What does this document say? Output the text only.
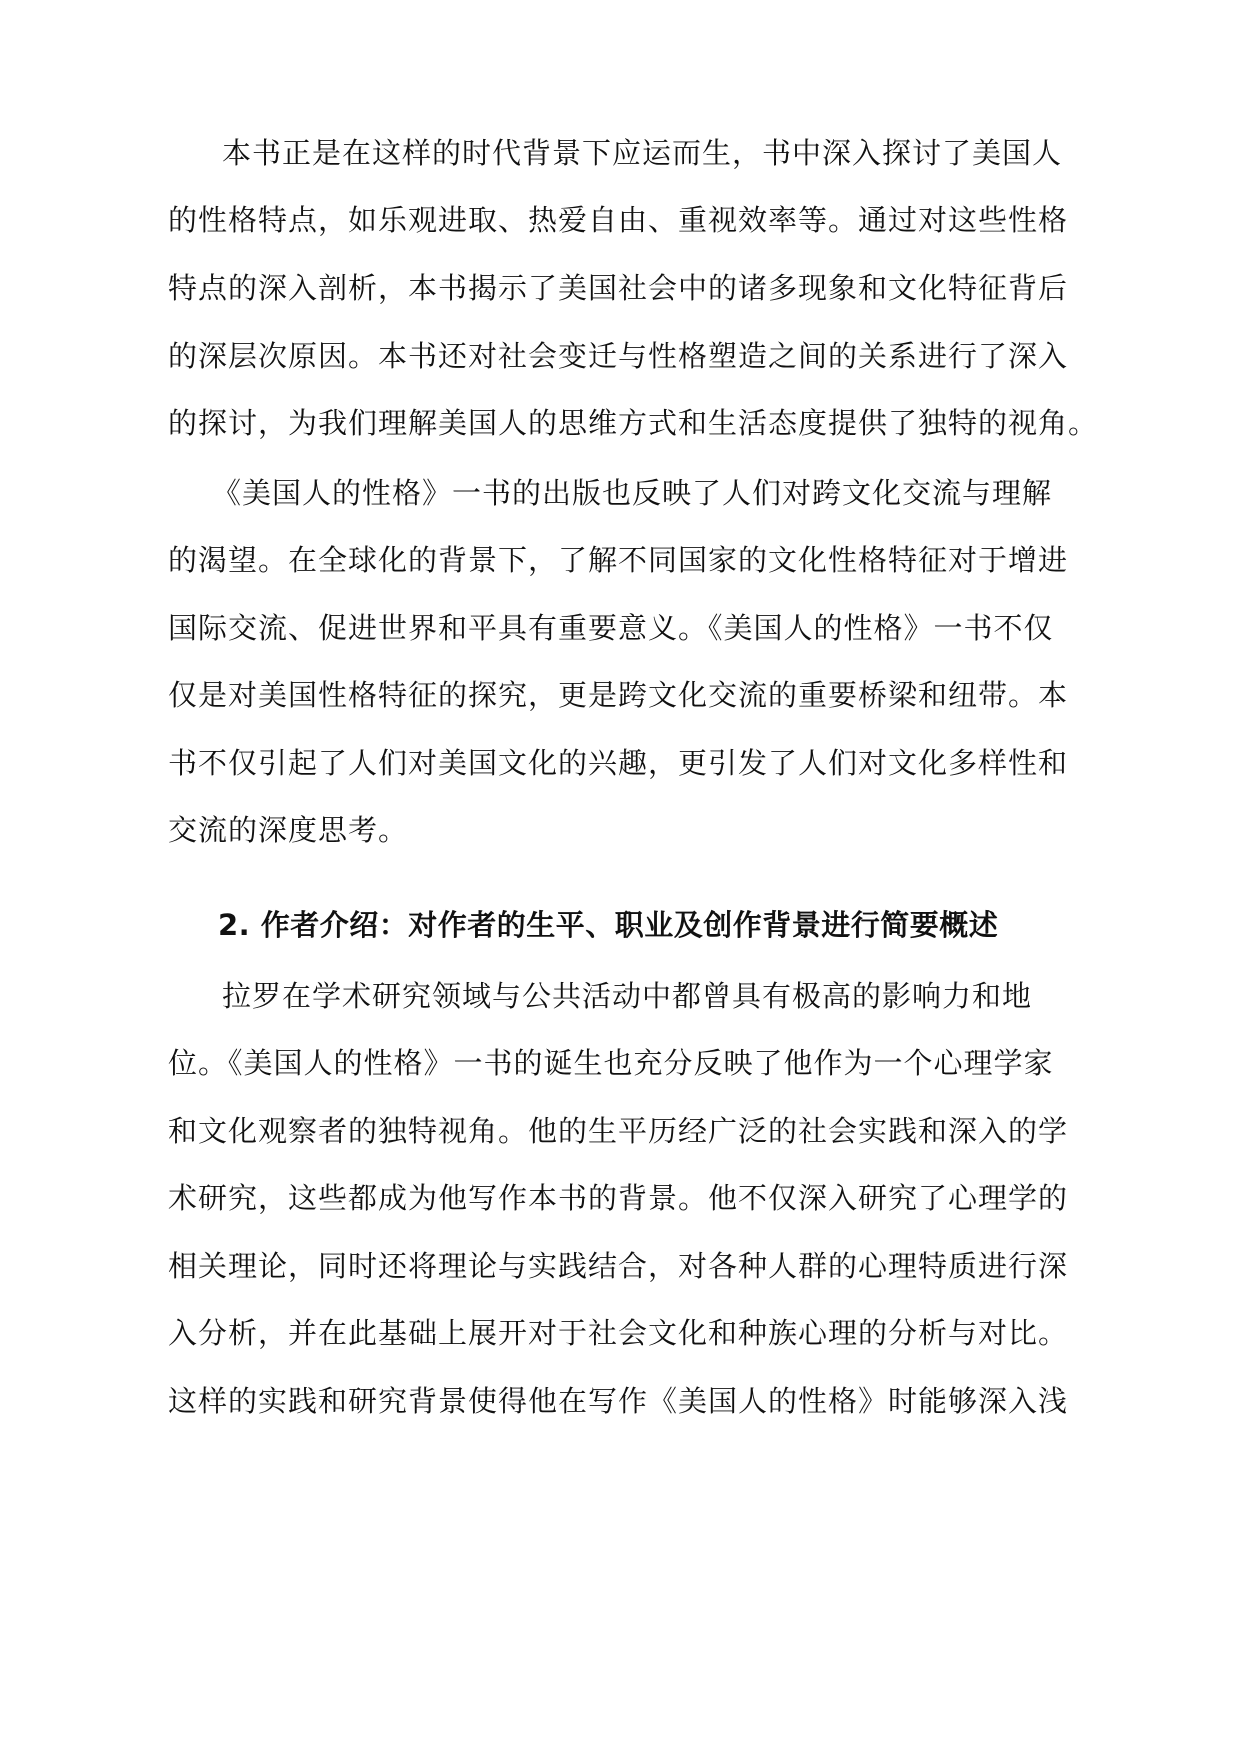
本书正是在这样的时代背景下应运而生，书中深入探讨了美国人
的性格特点，如乐观进取、热爱自由、重视效率等。通过对这些性格
特点的深入剖析，本书揭示了美国社会中的诸多现象和文化特征背后
的深层次原因。本书还对社会变迁与性格塑造之间的关系进行了深入
的探讨，为我们理解美国人的思维方式和生活态度提供了独特的视角。
《美国人的性格》一书的出版也反映了人们对跨文化交流与理解
的渴望。在全球化的背景下，了解不同国家的文化性格特征对于增进
国际交流、促进世界和平具有重要意义。《美国人的性格》一书不仅
仅是对美国性格特征的探究，更是跨文化交流的重要桥梁和纽带。本
书不仅引起了人们对美国文化的兴趣，更引发了人们对文化多样性和
交流的深度思考。
2. 作者介绍：对作者的生平、职业及创作背景进行简要概述
拉罗在学术研究领域与公共活动中都曾具有极高的影响力和地
位。《美国人的性格》一书的诞生也充分反映了他作为一个心理学家
和文化观察者的独特视角。他的生平历经广泛的社会实践和深入的学
术研究，这些都成为他写作本书的背景。他不仅深入研究了心理学的
相关理论，同时还将理论与实践结合，对各种人群的心理特质进行深
入分析，并在此基础上展开对于社会文化和种族心理的分析与对比。
这样的实践和研究背景使得他在写作《美国人的性格》时能够深入浅
